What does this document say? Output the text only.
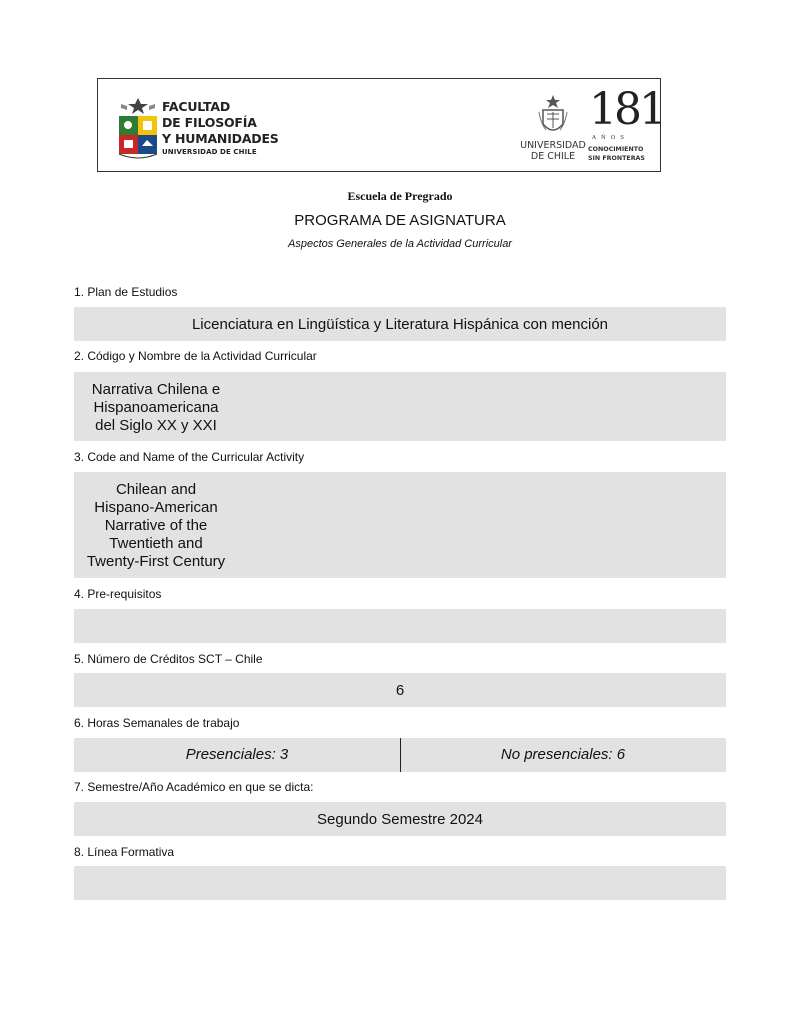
FACULTAD
DE FILOSOFÍA
Y HUMANIDADES
UNIVERSIDAD DE CHILE
UNIVERSIDAD
DE CHILE
181
AÑOS
CONOCIMIENTO
SIN FRONTERAS
Escuela de Pregrado
PROGRAMA DE ASIGNATURA
Aspectos Generales de la Actividad Curricular
1. Plan de Estudios
Licenciatura en Lingüística y Literatura Hispánica con mención
2. Código y Nombre de la Actividad Curricular
Narrativa Chilena e
Hispanoamericana
del Siglo XX y XXI
3. Code and Name of the Curricular Activity
Chilean and
Hispano-American
Narrative of the
Twentieth and
Twenty-First Century
4. Pre-requisitos
5. Número de Créditos SCT – Chile
6
6. Horas Semanales de trabajo
Presenciales: 3	No presenciales: 6
7. Semestre/Año Académico en que se dicta:
Segundo Semestre 2024
8. Línea Formativa
